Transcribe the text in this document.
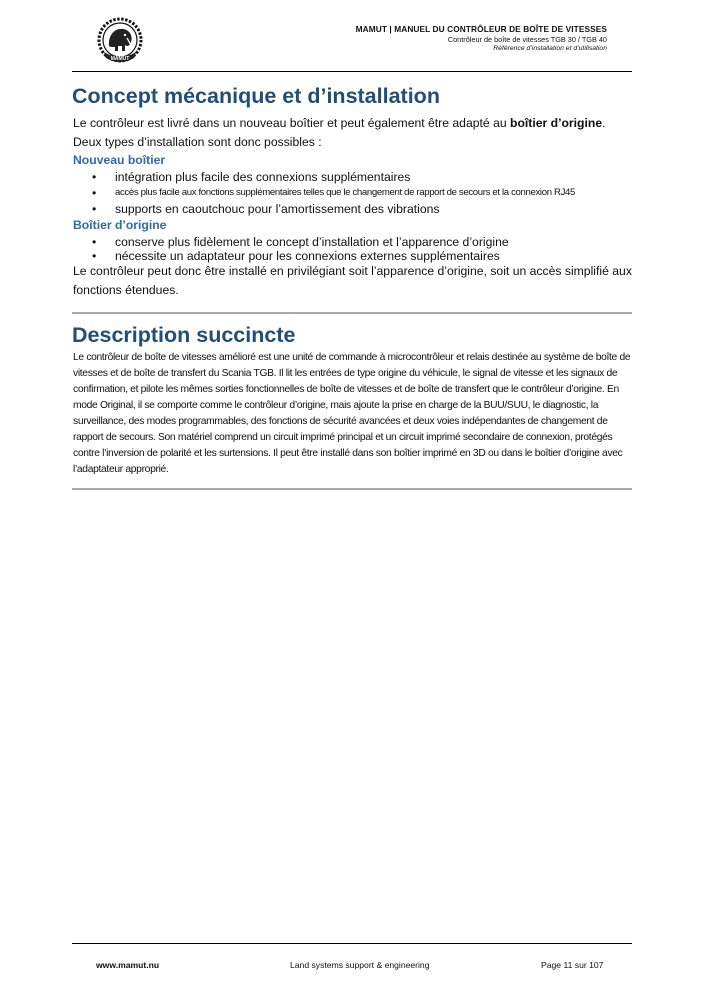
MAMUT
MAMUT | MANUEL DU CONTRÔLEUR DE BOÎTE DE VITESSES
Contrôleur de boîte de vitesses TGB 30 / TGB 40
Référence d’installation et d’utilisation
Concept mécanique et d’installation
Le contrôleur est livré dans un nouveau boîtier et peut également être adapté au boîtier d’origine.
Deux types d’installation sont donc possibles :
Nouveau boîtier
• intégration plus facile des connexions supplémentaires
• accès plus facile aux fonctions supplémentaires telles que le changement de rapport de secours et la connexion RJ45
• supports en caoutchouc pour l’amortissement des vibrations
Boîtier d’origine
• conserve plus fidèlement le concept d’installation et l’apparence d’origine
• nécessite un adaptateur pour les connexions externes supplémentaires
Le contrôleur peut donc être installé en privilégiant soit l’apparence d’origine, soit un accès simplifié aux fonctions étendues.
Description succincte

Le contrôleur de boîte de vitesses amélioré est une unité de commande à microcontrôleur et relais destinée au système de boîte de vitesses et de boîte de transfert du Scania TGB. Il lit les entrées de type origine du véhicule, le signal de vitesse et les signaux de confirmation, et pilote les mêmes sorties fonctionnelles de boîte de vitesses et de boîte de transfert que le contrôleur d’origine. En mode Original, il se comporte comme le contrôleur d’origine, mais ajoute la prise en charge de la BUU/SUU, le diagnostic, la surveillance, des modes programmables, des fonctions de sécurité avancées et deux voies indépendantes de changement de rapport de secours. Son matériel comprend un circuit imprimé principal et un circuit imprimé secondaire de connexion, protégés contre l’inversion de polarité et les surtensions. Il peut être installé dans son boîtier imprimé en 3D ou dans le boîtier d’origine avec l’adaptateur approprié.

www.mamut.nu	Land systems support & engineering	Page 11 sur 107
